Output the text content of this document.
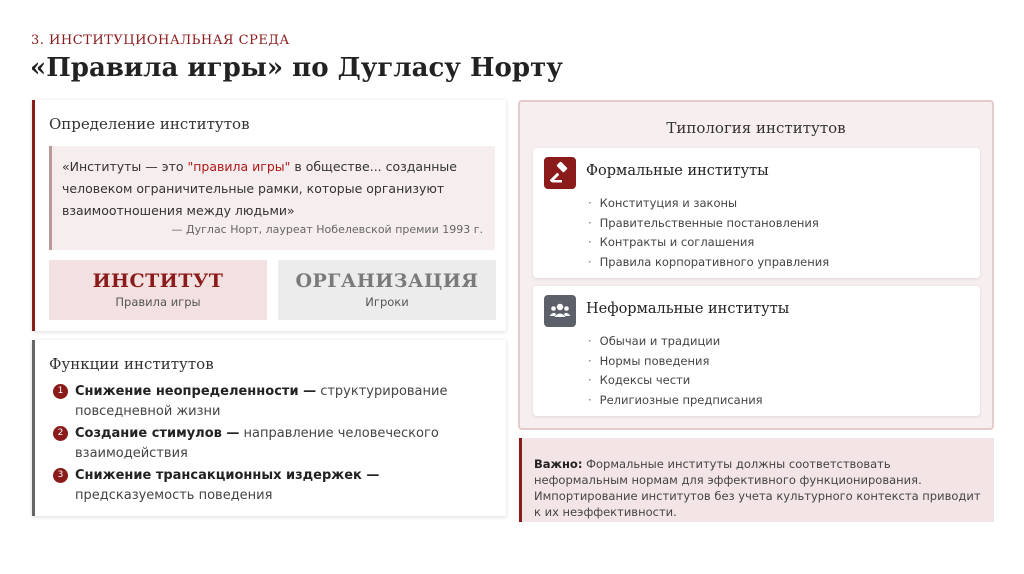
3. ИНСТИТУЦИОНАЛЬНАЯ СРЕДА
«Правила игры» по Дугласу Норту
Определение институтов
«Институты — это "правила игры" в обществе... созданные человеком ограничительные рамки, которые организуют взаимоотношения между людьми»
— Дуглас Норт, лауреат Нобелевской премии 1993 г.
ИНСТИТУТ
Правила игры
ОРГАНИЗАЦИЯ
Игроки
Функции институтов
1 Снижение неопределенности — структурирование повседневной жизни
2 Создание стимулов — направление человеческого взаимодействия
3 Снижение трансакционных издержек — предсказуемость поведения
Типология институтов
Формальные институты
· Конституция и законы
· Правительственные постановления
· Контракты и соглашения
· Правила корпоративного управления
Неформальные институты
· Обычаи и традиции
· Нормы поведения
· Кодексы чести
· Религиозные предписания
Важно: Формальные институты должны соответствовать неформальным нормам для эффективного функционирования. Импортирование институтов без учета культурного контекста приводит к их неэффективности.
